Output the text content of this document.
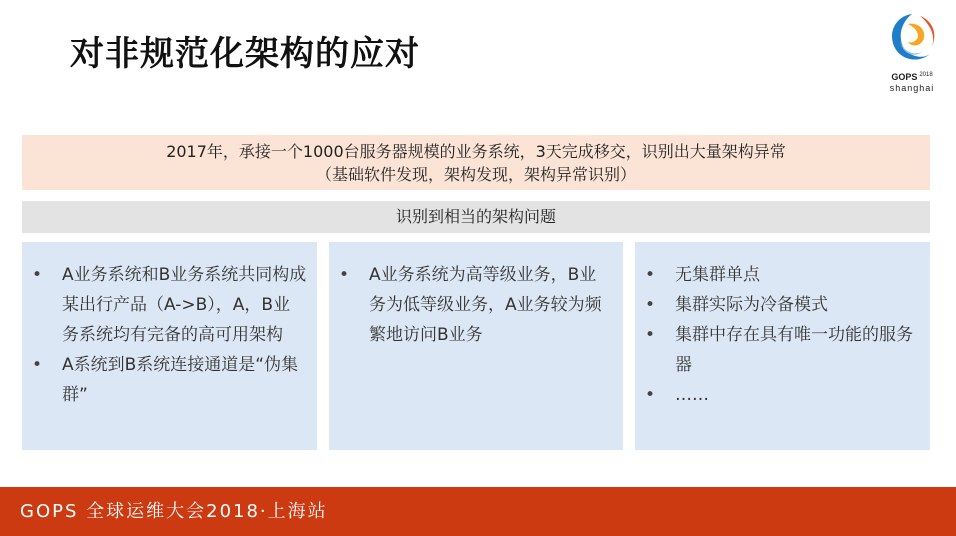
对非规范化架构的应对
GOPS $^{2018}$
shanghai
2017年，承接一个1000台服务器规模的业务系统，3天完成移交，识别出大量架构异常
（基础软件发现，架构发现，架构异常识别）
识别到相当的架构问题
•	A业务系统和B业务系统共同构成某出行产品（A->B），A，B业务系统均有完备的高可用架构
•	A系统到B系统连接通道是“伪集群”
•	A业务系统为高等级业务，B业务为低等级业务，A业务较为频繁地访问B业务
•	无集群单点
•	集群实际为冷备模式
•	集群中存在具有唯一功能的服务器
•	……
GOPS 全球运维大会2018·上海站
